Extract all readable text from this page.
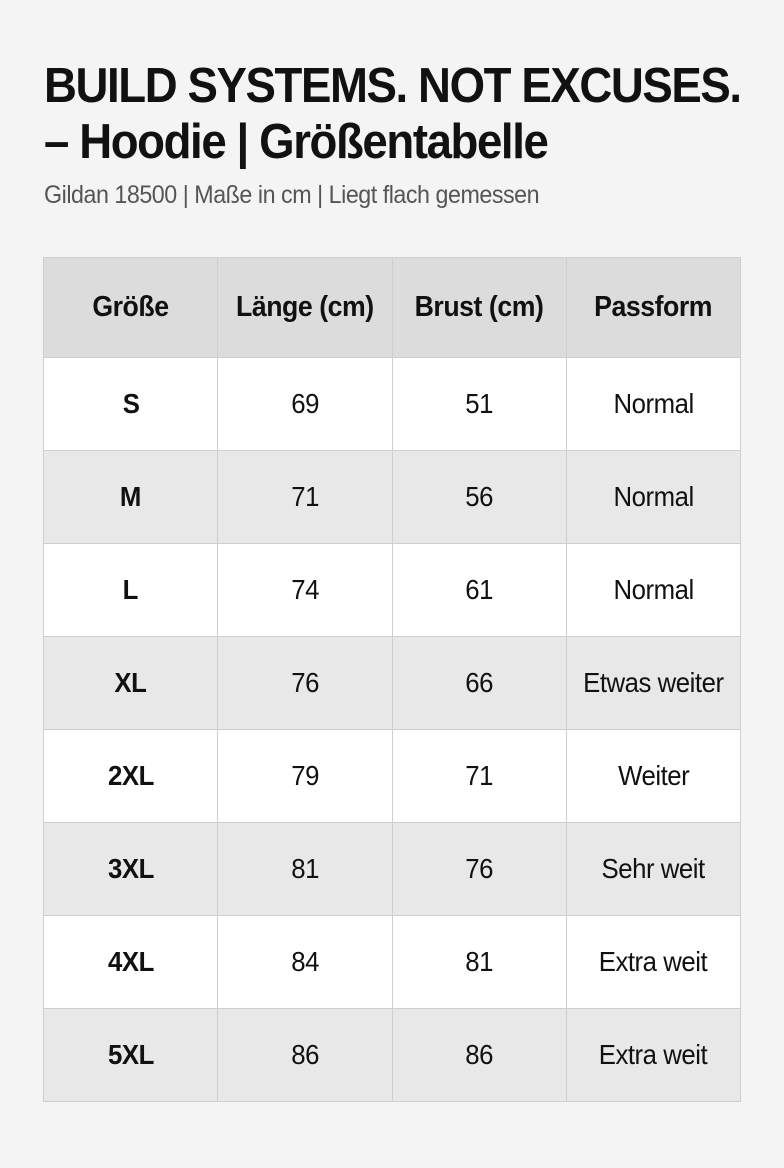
BUILD SYSTEMS. NOT EXCUSES.
– Hoodie | Größentabelle

Gildan 18500 | Maße in cm | Liegt flach gemessen

Größe	Länge (cm)	Brust (cm)	Passform
S	69	51	Normal
M	71	56	Normal
L	74	61	Normal
XL	76	66	Etwas weiter
2XL	79	71	Weiter
3XL	81	76	Sehr weit
4XL	84	81	Extra weit
5XL	86	86	Extra weit
